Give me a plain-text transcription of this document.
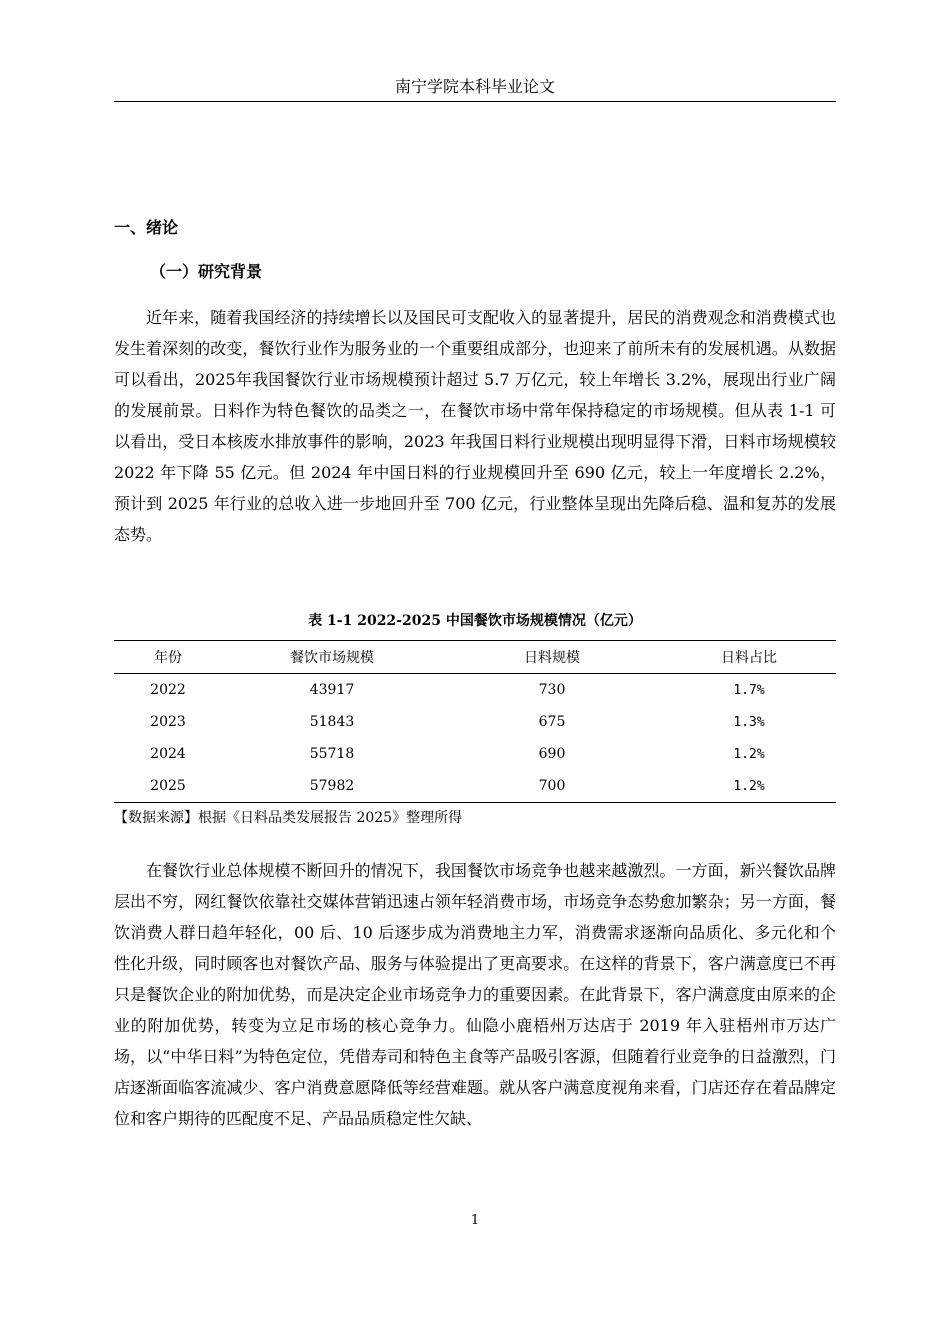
南宁学院本科毕业论文
一、绪论
（一）研究背景

近年来，随着我国经济的持续增长以及国民可支配收入的显著提升，居民的消费观念和消费模式也发生着深刻的改变，餐饮行业作为服务业的一个重要组成部分，也迎来了前所未有的发展机遇。从数据可以看出，2025年我国餐饮行业市场规模预计超过 5.7 万亿元，较上年增长 3.2%，展现出行业广阔的发展前景。日料作为特色餐饮的品类之一，在餐饮市场中常年保持稳定的市场规模。但从表 1-1 可以看出，受日本核废水排放事件的影响，2023 年我国日料行业规模出现明显得下滑，日料市场规模较 2022 年下降 55 亿元。但 2024 年中国日料的行业规模回升至 690 亿元，较上一年度增长 2.2%，预计到 2025 年行业的总收入进一步地回升至 700 亿元，行业整体呈现出先降后稳、温和复苏的发展态势。

表 1-1 2022-2025 中国餐饮市场规模情况（亿元）
年份	餐饮市场规模	日料规模	日料占比
2022	43917	730	1.7%
2023	51843	675	1.3%
2024	55718	690	1.2%
2025	57982	700	1.2%
【数据来源】根据《日料品类发展报告 2025》整理所得

在餐饮行业总体规模不断回升的情况下，我国餐饮市场竞争也越来越激烈。一方面，新兴餐饮品牌层出不穷，网红餐饮依靠社交媒体营销迅速占领年轻消费市场，市场竞争态势愈加繁杂；另一方面，餐饮消费人群日趋年轻化，00 后、10 后逐步成为消费地主力军，消费需求逐渐向品质化、多元化和个性化升级，同时顾客也对餐饮产品、服务与体验提出了更高要求。在这样的背景下，客户满意度已不再只是餐饮企业的附加优势，而是决定企业市场竞争力的重要因素。在此背景下，客户满意度由原来的企业的附加优势，转变为立足市场的核心竞争力。仙隐小鹿梧州万达店于 2019 年入驻梧州市万达广场，以“中华日料”为特色定位，凭借寿司和特色主食等产品吸引客源，但随着行业竞争的日益激烈，门店逐渐面临客流减少、客户消费意愿降低等经营难题。就从客户满意度视角来看，门店还存在着品牌定位和客户期待的匹配度不足、产品品质稳定性欠缺、

1
